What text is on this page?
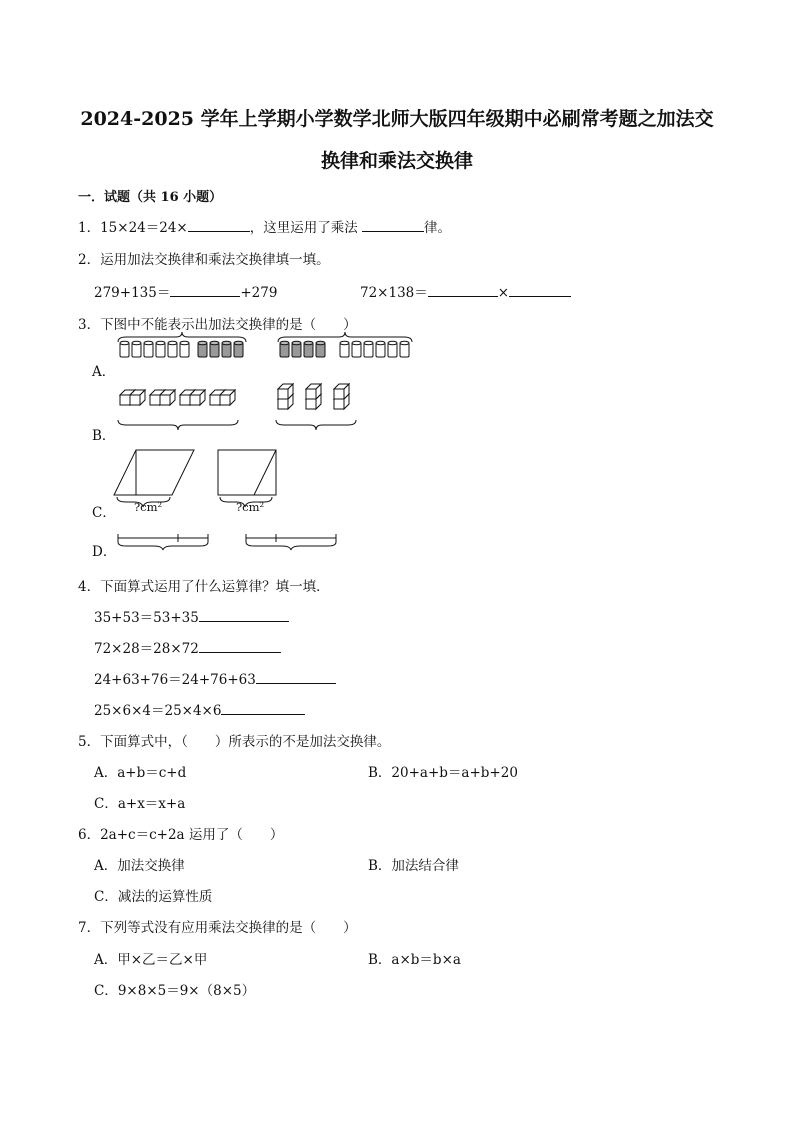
2024-2025 学年上学期小学数学北师大版四年级期中必刷常考题之加法交
换律和乘法交换律
一．试题（共 16 小题）
1．15×24＝24×	，这里运用了乘法	律。
2．运用加法交换律和乘法交换律填一填。
279+135＝	+279	72×138＝	×
3．下图中不能表示出加法交换律的是（　　）
A．
B．
C． ?cm²	?cm²
D．
4．下面算式运用了什么运算律？填一填．
35+53＝53+35
72×28＝28×72
24+63+76＝24+76+63
25×6×4＝25×4×6
5．下面算式中，（　　）所表示的不是加法交换律。
A．a+b＝c+d	B．20+a+b＝a+b+20
C．a+x＝x+a
6．2a+c＝c+2a 运用了（　　）
A．加法交换律	B．加法结合律
C．减法的运算性质
7．下列等式没有应用乘法交换律的是（　　）
A．甲×乙＝乙×甲	B．a×b＝b×a
C．9×8×5＝9×（8×5）
